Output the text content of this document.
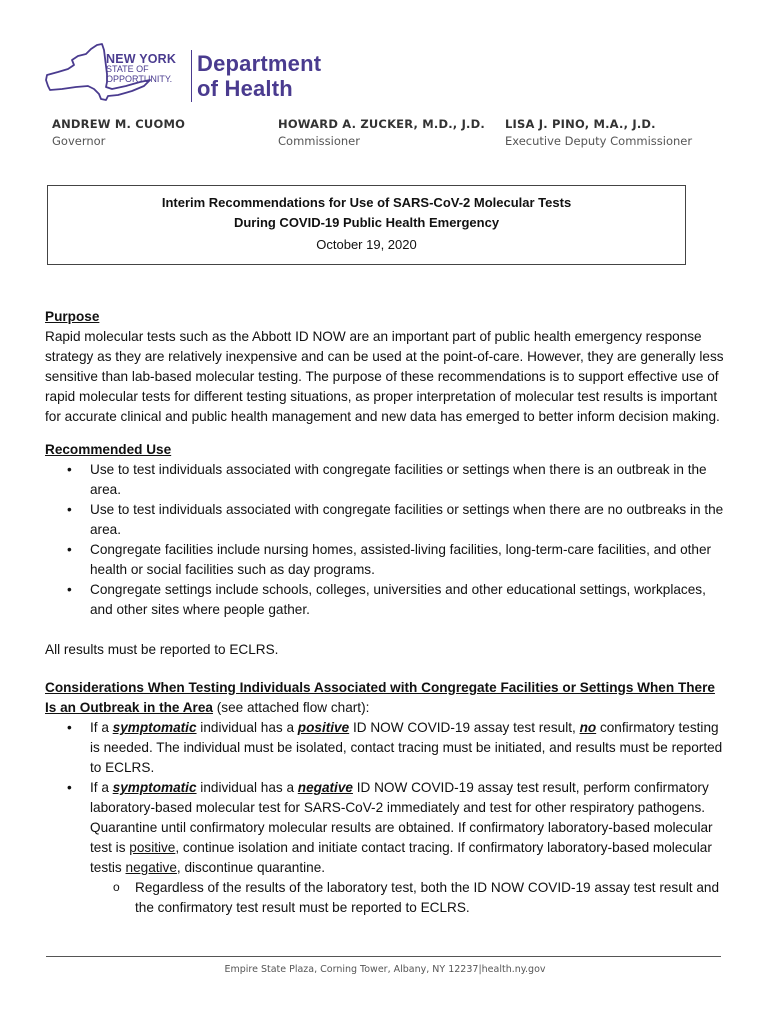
NEW YORK
STATE OF
OPPORTUNITY.
Department
of Health
ANDREW M. CUOMO
Governor
HOWARD A. ZUCKER, M.D., J.D.
Commissioner
LISA J. PINO, M.A., J.D.
Executive Deputy Commissioner
Interim Recommendations for Use of SARS-CoV-2 Molecular Tests
During COVID-19 Public Health Emergency
October 19, 2020
Purpose

Rapid molecular tests such as the Abbott ID NOW are an important part of public health emergency response strategy as they are relatively inexpensive and can be used at the point-of-care. However, they are generally less sensitive than lab-based molecular testing. The purpose of these recommendations is to support effective use of rapid molecular tests for different testing situations, as proper interpretation of molecular test results is important for accurate clinical and public health management and new data has emerged to better inform decision making.

Recommended Use
• Use to test individuals associated with congregate facilities or settings when there is an outbreak in the area.
• Use to test individuals associated with congregate facilities or settings when there are no outbreaks in the area.
• Congregate facilities include nursing homes, assisted-living facilities, long-term-care facilities, and other health or social facilities such as day programs.
• Congregate settings include schools, colleges, universities and other educational settings, workplaces, and other sites where people gather.

All results must be reported to ECLRS.

Considerations When Testing Individuals Associated with Congregate Facilities or Settings When There Is an Outbreak in the Area (see attached flow chart):
• If a symptomatic individual has a positive ID NOW COVID-19 assay test result, no confirmatory testing is needed. The individual must be isolated, contact tracing must be initiated, and results must be reported to ECLRS.
• If a symptomatic individual has a negative ID NOW COVID-19 assay test result, perform confirmatory laboratory-based molecular test for SARS-CoV-2 immediately and test for other respiratory pathogens. Quarantine until confirmatory molecular results are obtained. If confirmatory laboratory-based molecular test is positive, continue isolation and initiate contact tracing. If confirmatory laboratory-based molecular testis negative, discontinue quarantine.
o Regardless of the results of the laboratory test, both the ID NOW COVID-19 assay test result and the confirmatory test result must be reported to ECLRS.
Empire State Plaza, Corning Tower, Albany, NY 12237|health.ny.gov
